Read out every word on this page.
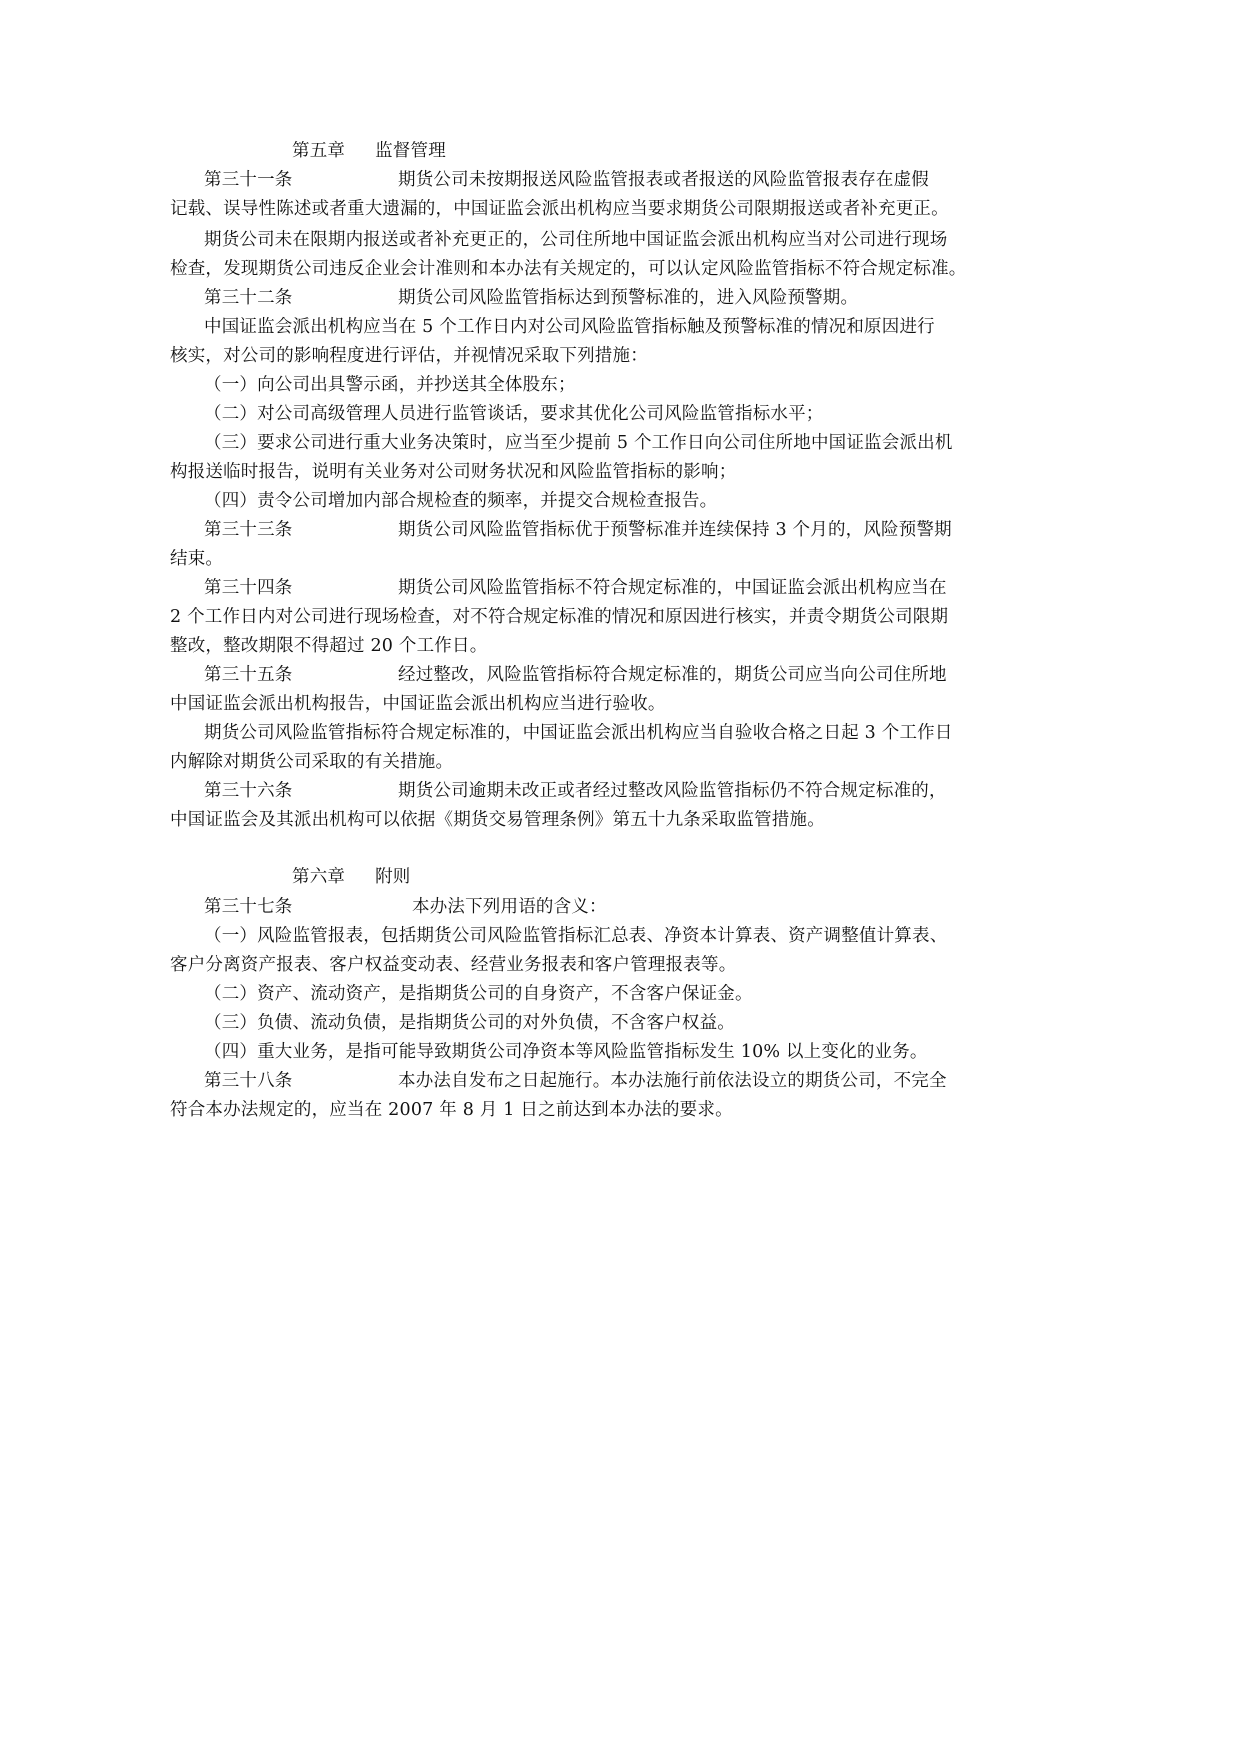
第五章 监督管理
第三十一条	期货公司未按期报送风险监管报表或者报送的风险监管报表存在虚假
记载、误导性陈述或者重大遗漏的，中国证监会派出机构应当要求期货公司限期报送或者补充更正。
期货公司未在限期内报送或者补充更正的，公司住所地中国证监会派出机构应当对公司进行现场
检查，发现期货公司违反企业会计准则和本办法有关规定的，可以认定风险监管指标不符合规定标准。
第三十二条	期货公司风险监管指标达到预警标准的，进入风险预警期。
中国证监会派出机构应当在 5 个工作日内对公司风险监管指标触及预警标准的情况和原因进行
核实，对公司的影响程度进行评估，并视情况采取下列措施：
（一）向公司出具警示函，并抄送其全体股东；
（二）对公司高级管理人员进行监管谈话，要求其优化公司风险监管指标水平；
（三）要求公司进行重大业务决策时，应当至少提前 5 个工作日向公司住所地中国证监会派出机
构报送临时报告，说明有关业务对公司财务状况和风险监管指标的影响；
（四）责令公司增加内部合规检查的频率，并提交合规检查报告。
第三十三条	期货公司风险监管指标优于预警标准并连续保持 3 个月的，风险预警期
结束。
第三十四条	期货公司风险监管指标不符合规定标准的，中国证监会派出机构应当在
2 个工作日内对公司进行现场检查，对不符合规定标准的情况和原因进行核实，并责令期货公司限期
整改，整改期限不得超过 20 个工作日。
第三十五条	经过整改，风险监管指标符合规定标准的，期货公司应当向公司住所地
中国证监会派出机构报告，中国证监会派出机构应当进行验收。
期货公司风险监管指标符合规定标准的，中国证监会派出机构应当自验收合格之日起 3 个工作日
内解除对期货公司采取的有关措施。
第三十六条	期货公司逾期未改正或者经过整改风险监管指标仍不符合规定标准的，
中国证监会及其派出机构可以依据《期货交易管理条例》第五十九条采取监管措施。
第六章 附则
第三十七条	本办法下列用语的含义：
（一）风险监管报表，包括期货公司风险监管指标汇总表、净资本计算表、资产调整值计算表、
客户分离资产报表、客户权益变动表、经营业务报表和客户管理报表等。
（二）资产、流动资产，是指期货公司的自身资产，不含客户保证金。
（三）负债、流动负债，是指期货公司的对外负债，不含客户权益。
（四）重大业务，是指可能导致期货公司净资本等风险监管指标发生 10% 以上变化的业务。
第三十八条	本办法自发布之日起施行。本办法施行前依法设立的期货公司，不完全
符合本办法规定的，应当在 2007 年 8 月 1 日之前达到本办法的要求。
